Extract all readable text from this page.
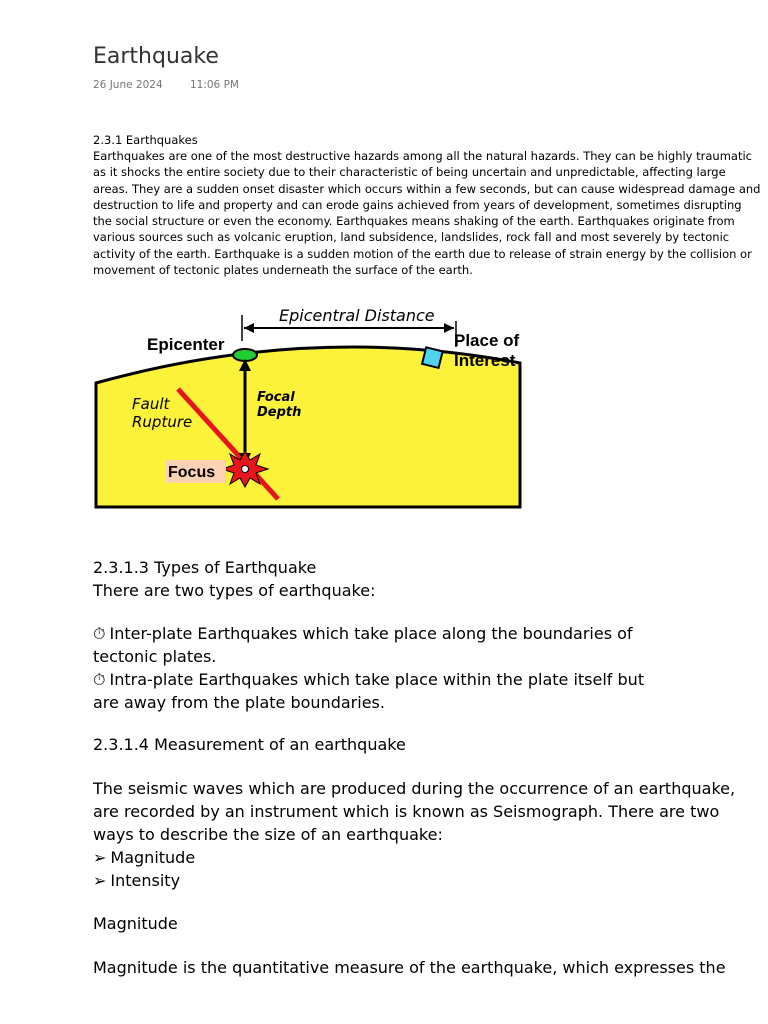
Earthquake
26 June 2024	11:06 PM
2.3.1 Earthquakes

Earthquakes are one of the most destructive hazards among all the natural hazards. They can be highly traumatic as it shocks the entire society due to their characteristic of being uncertain and unpredictable, affecting large areas. They are a sudden onset disaster which occurs within a few seconds, but can cause widespread damage and destruction to life and property and can erode gains achieved from years of development, sometimes disrupting the social structure or even the economy. Earthquakes means shaking of the earth. Earthquakes originate from various sources such as volcanic eruption, land subsidence, landslides, rock fall and most severely by tectonic activity of the earth. Earthquake is a sudden motion of the earth due to release of strain energy by the collision or movement of tectonic plates underneath the surface of the earth.

Epicentral Distance
Epicenter	Place of
Interest
Fault
Rupture
Focal
Depth
Focus
2.3.1.3 Types of Earthquake
There are two types of earthquake:
⏱ Inter-plate Earthquakes which take place along the boundaries of
tectonic plates.
⏱ Intra-plate Earthquakes which take place within the plate itself but
are away from the plate boundaries.
2.3.1.4 Measurement of an earthquake
The seismic waves which are produced during the occurrence of an earthquake, are recorded by an instrument which is known as Seismograph. There are two ways to describe the size of an earthquake:
➢ Magnitude
➢ Intensity
Magnitude

Magnitude is the quantitative measure of the earthquake, which expresses the
